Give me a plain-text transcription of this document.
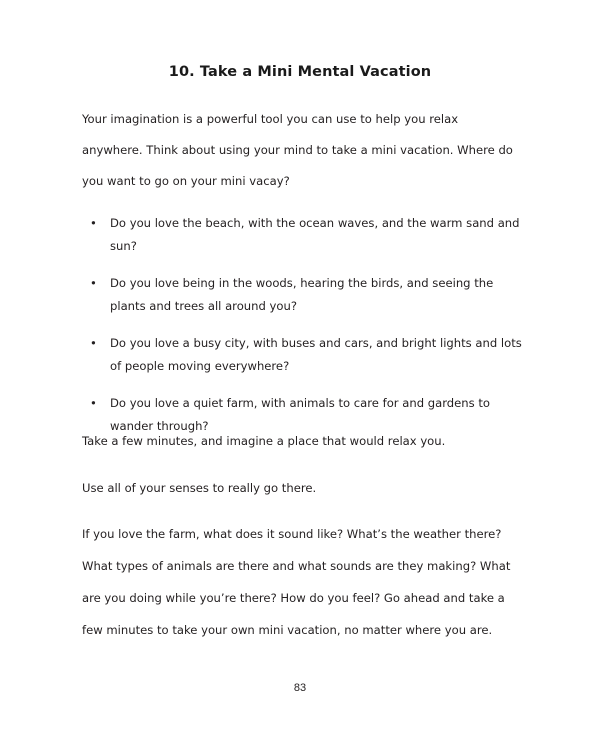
10. Take a Mini Mental Vacation

Your imagination is a powerful tool you can use to help you relax anywhere. Think about using your mind to take a mini vacation. Where do you want to go on your mini vacay?

• Do you love the beach, with the ocean waves, and the warm sand and sun?
• Do you love being in the woods, hearing the birds, and seeing the plants and trees all around you?
• Do you love a busy city, with buses and cars, and bright lights and lots of people moving everywhere?
• Do you love a quiet farm, with animals to care for and gardens to wander through?

Take a few minutes, and imagine a place that would relax you.

Use all of your senses to really go there.

If you love the farm, what does it sound like? What’s the weather there? What types of animals are there and what sounds are they making? What are you doing while you’re there? How do you feel? Go ahead and take a few minutes to take your own mini vacation, no matter where you are.

83
